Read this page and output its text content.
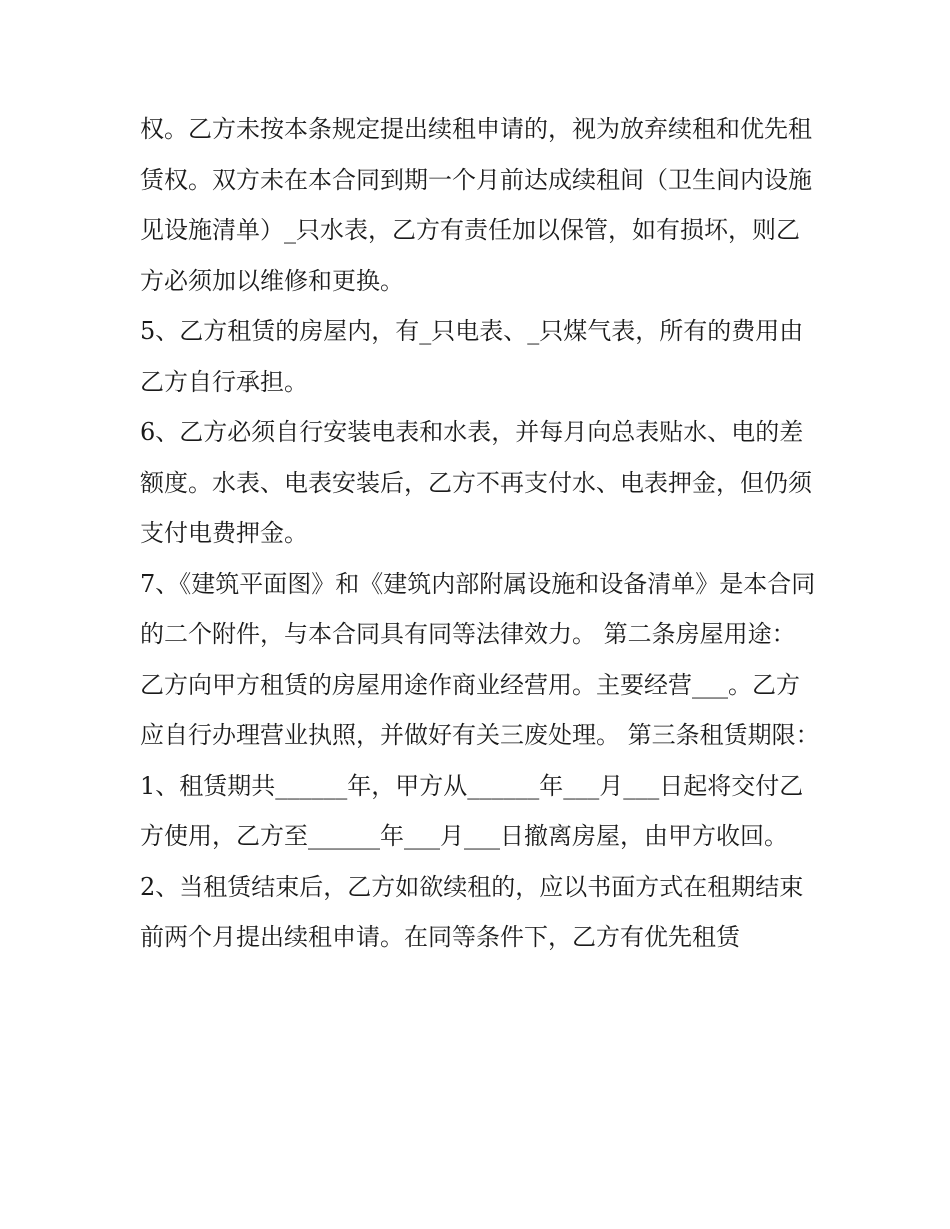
权。乙方未按本条规定提出续租申请的，视为放弃续租和优先租赁权。双方未在本合同到期一个月前达成续租间（卫生间内设施见设施清单）_只水表，乙方有责任加以保管，如有损坏，则乙方必须加以维修和更换。

5、乙方租赁的房屋内，有_只电表、_只煤气表，所有的费用由乙方自行承担。

6、乙方必须自行安装电表和水表，并每月向总表贴水、电的差额度。水表、电表安装后，乙方不再支付水、电表押金，但仍须支付电费押金。

7、《建筑平面图》和《建筑内部附属设施和设备清单》是本合同的二个附件，与本合同具有同等法律效力。 第二条房屋用途：

乙方向甲方租赁的房屋用途作商业经营用。主要经营___。乙方应自行办理营业执照，并做好有关三废处理。 第三条租赁期限：

1、租赁期共______年，甲方从______年___月___日起将交付乙方使用，乙方至______年___月___日撤离房屋，由甲方收回。

2、当租赁结束后，乙方如欲续租的，应以书面方式在租期结束前两个月提出续租申请。在同等条件下，乙方有优先租赁
